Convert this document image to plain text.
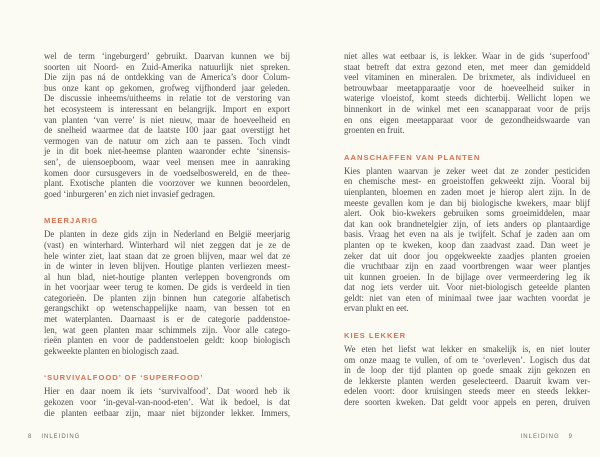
wel de term ‘ingeburgerd’ gebruikt. Daarvan kunnen we bij
soorten uit Noord- en Zuid-Amerika natuurlijk niet spreken.
Die zijn pas ná de ontdekking van de America’s door Colum-
bus onze kant op gekomen, grofweg vijfhonderd jaar geleden.
De discussie inheems/uitheems in relatie tot de verstoring van
het ecosysteem is interessant en belangrijk. Import en export
van planten ‘van verre’ is niet nieuw, maar de hoeveelheid en
de snelheid waarmee dat de laatste 100 jaar gaat overstijgt het
vermogen van de natuur om zich aan te passen. Toch vindt
je in dit boek niet-heemse planten waaronder echte ‘sinensis-
sen’, de uiensoepboom, waar veel mensen mee in aanraking
komen door cursusgevers in de voedselboswereld, en de thee-
plant. Exotische planten die voorzover we kunnen beoordelen,
goed ‘inburgeren’ en zich niet invasief gedragen.
MEERJARIG
De planten in deze gids zijn in Nederland en België meerjarig
(vast) en winterhard. Winterhard wil niet zeggen dat je ze de
hele winter ziet, laat staan dat ze groen blijven, maar wel dat ze
in de winter in leven blijven. Houtige planten verliezen meest-
al hun blad, niet-houtige planten verleppen bovengronds om
in het voorjaar weer terug te komen. De gids is verdeeld in tien
categorieën. De planten zijn binnen hun categorie alfabetisch
gerangschikt op wetenschappelijke naam, van bessen tot en
met waterplanten. Daarnaast is er de categorie paddenstoe-
len, wat geen planten maar schimmels zijn. Voor alle catego-
rieën planten en voor de paddenstoelen geldt: koop biologisch
gekweekte planten en biologisch zaad.
‘SURVIVALFOOD’ OF ‘SUPERFOOD’
Hier en daar noem ik iets ‘survivalfood’. Dat woord heb ik
gekozen voor ‘in-geval-van-nood-eten’. Wat ik bedoel, is dat
die planten eetbaar zijn, maar niet bijzonder lekker. Immers,
niet alles wat eetbaar is, is lekker. Waar in de gids ‘superfood’
staat betreft dat extra gezond eten, met meer dan gemiddeld
veel vitaminen en mineralen. De brixmeter, als individueel en
betrouwbaar meetapparaatje voor de hoeveelheid suiker in
waterige vloeistof, komt steeds dichterbij. Wellicht lopen we
binnenkort in de winkel met een scanapparaat voor de prijs
en ons eigen meetapparaat voor de gezondheidswaarde van
groenten en fruit.
AANSCHAFFEN VAN PLANTEN
Kies planten waarvan je zeker weet dat ze zonder pesticiden
en chemische mest- en groeistoffen gekweekt zijn. Vooral bij
uienplanten, bloemen en zaden moet je hierop alert zijn. In de
meeste gevallen kom je dan bij biologische kwekers, maar blijf
alert. Ook bio-kwekers gebruiken soms groeimiddelen, maar
dat kan ook brandnetelgier zijn, of iets anders op plantaardige
basis. Vraag het even na als je twijfelt. Schaf je zaden aan om
planten op te kweken, koop dan zaadvast zaad. Dan weet je
zeker dat uit door jou opgekweekte zaadjes planten groeien
die vruchtbaar zijn en zaad voortbrengen waar weer plantjes
uit kunnen groeien. In de bijlage over vermeerdering leg ik
dat nog iets verder uit. Voor niet-biologisch geteelde planten
geldt: niet van eten of minimaal twee jaar wachten voordat je
ervan plukt en eet.
KIES LEKKER
We eten het liefst wat lekker en smakelijk is, en niet louter
om onze maag te vullen, of om te ‘overleven’. Logisch dus dat
in de loop der tijd planten op goede smaak zijn gekozen en
de lekkerste planten werden geselecteerd. Daaruit kwam ver-
edelen voort: door kruisingen steeds meer en steeds lekker-
dere soorten kweken. Dat geldt voor appels en peren, druiven
8 INLEIDING	INLEIDING 9
